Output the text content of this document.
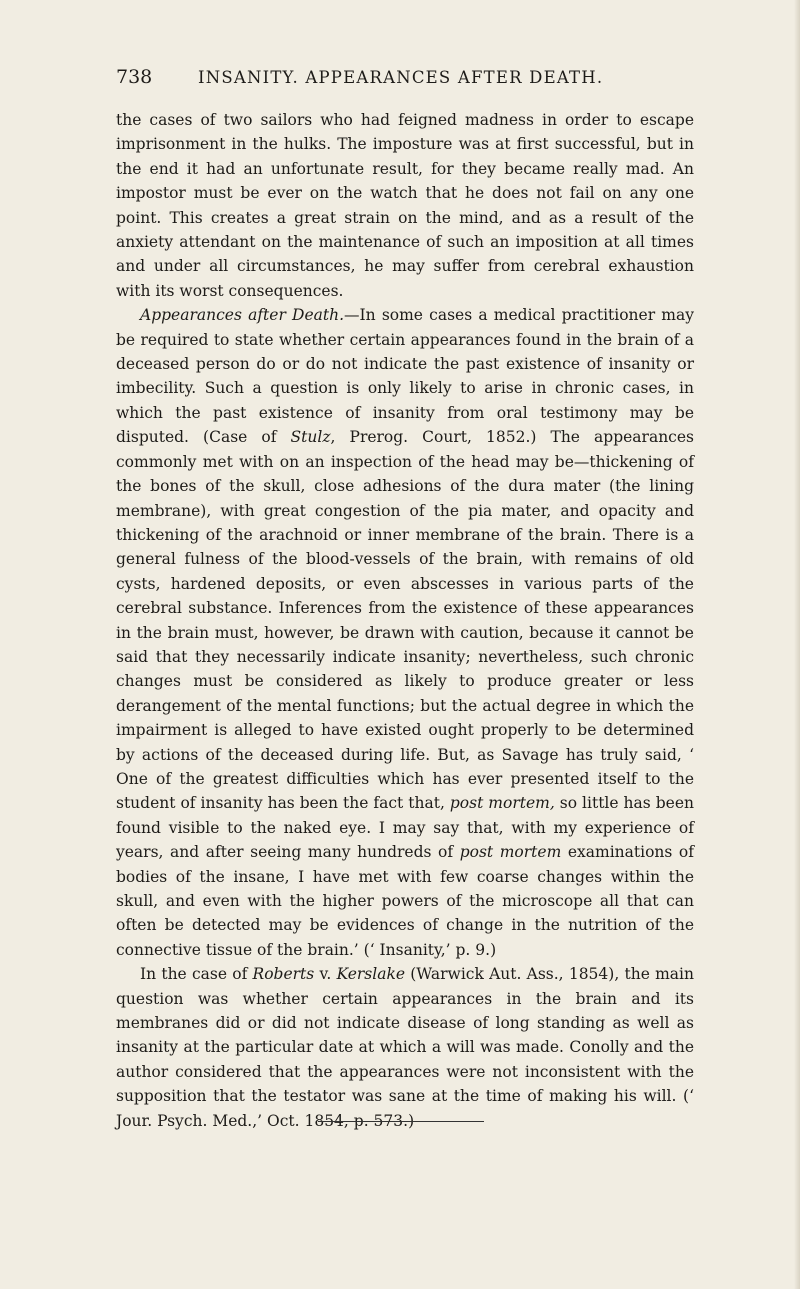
738	INSANITY. APPEARANCES AFTER DEATH.

the cases of two sailors who had feigned madness in order to escape imprisonment in the hulks. The imposture was at first successful, but in the end it had an unfortunate result, for they became really mad. An impostor must be ever on the watch that he does not fail on any one point. This creates a great strain on the mind, and as a result of the anxiety attendant on the maintenance of such an imposition at all times and under all circumstances, he may suffer from cerebral exhaustion with its worst consequences.

Appearances after Death.—In some cases a medical practitioner may be required to state whether certain appearances found in the brain of a deceased person do or do not indicate the past existence of insanity or imbecility. Such a question is only likely to arise in chronic cases, in which the past existence of insanity from oral testimony may be disputed. (Case of Stulz, Prerog. Court, 1852.) The appearances commonly met with on an inspection of the head may be—thickening of the bones of the skull, close adhesions of the dura mater (the lining membrane), with great congestion of the pia mater, and opacity and thickening of the arachnoid or inner membrane of the brain. There is a general fulness of the blood-vessels of the brain, with remains of old cysts, hardened deposits, or even abscesses in various parts of the cerebral substance. Inferences from the existence of these appearances in the brain must, however, be drawn with caution, because it cannot be said that they necessarily indicate insanity; nevertheless, such chronic changes must be considered as likely to produce greater or less derangement of the mental functions; but the actual degree in which the impairment is alleged to have existed ought properly to be determined by actions of the deceased during life. But, as Savage has truly said, ‘ One of the greatest difficulties which has ever presented itself to the student of insanity has been the fact that, post mortem, so little has been found visible to the naked eye. I may say that, with my experience of years, and after seeing many hundreds of post mortem examinations of bodies of the insane, I have met with few coarse changes within the skull, and even with the higher powers of the microscope all that can often be detected may be evidences of change in the nutrition of the connective tissue of the brain.’ (‘ Insanity,’ p. 9.)

In the case of Roberts v. Kerslake (Warwick Aut. Ass., 1854), the main question was whether certain appearances in the brain and its membranes did or did not indicate disease of long standing as well as insanity at the particular date at which a will was made. Conolly and the author considered that the appearances were not inconsistent with the supposition that the testator was sane at the time of making his will. (‘ Jour. Psych. Med.,’ Oct. 1854, p. 573.)
